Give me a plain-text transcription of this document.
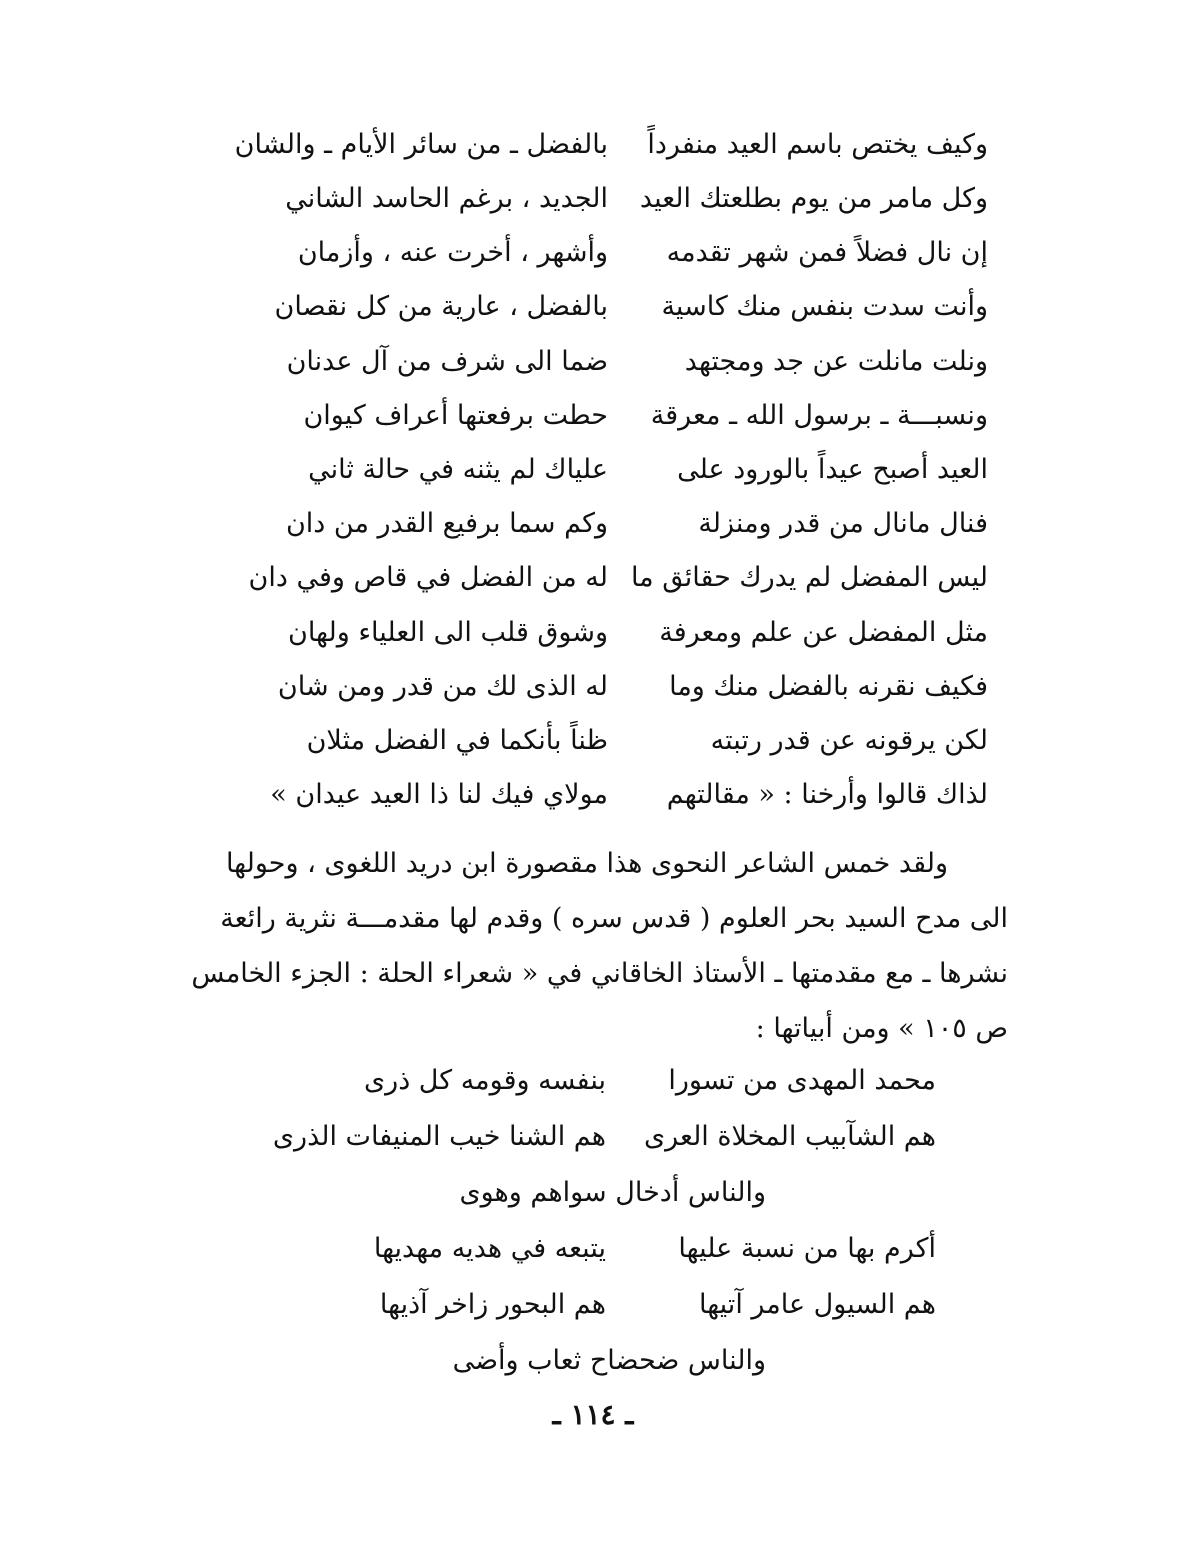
وكيف يختص باسم العيد منفرداً
بالفضل ـ من سائر الأيام ـ والشان
وكل مامر من يوم بطلعتك العيد
الجديد ، برغم الحاسد الشاني
إن نال فضلاً فمن شهر تقدمه
وأشهر ، أخرت عنه ، وأزمان
وأنت سدت بنفس منك كاسية
بالفضل ، عارية من كل نقصان
ونلت مانلت عن جد ومجتهد
ضما الى شرف من آل عدنان
ونسبـــة ـ برسول الله ـ معرقة
حطت برفعتها أعراف كيوان
العيد أصبح عيداً بالورود على
علياك لم يثنه في حالة ثاني
فنال مانال من قدر ومنزلة
وكم سما برفيع القدر من دان
ليس المفضل لم يدرك حقائق ما
له من الفضل في قاص وفي دان
مثل المفضل عن علم ومعرفة
وشوق قلب الى العلياء ولهان
فكيف نقرنه بالفضل منك وما
له الذى لك من قدر ومن شان
لكن يرقونه عن قدر رتبته
ظناً بأنكما في الفضل مثلان
لذاك قالوا وأرخنا : « مقالتهم
مولاي فيك لنا ذا العيد عيدان »
ولقد خمس الشاعر النحوى هذا مقصورة ابن دريد اللغوى ، وحولها
الى مدح السيد بحر العلوم ( قدس سره ) وقدم لها مقدمـــة نثرية رائعة
نشرها ـ مع مقدمتها ـ الأستاذ الخاقاني في « شعراء الحلة : الجزء الخامس
ص ١٠٥ » ومن أبياتها :
محمد المهدى من تسورا
بنفسه وقومه كل ذرى
هم الشآبيب المخلاة العرى
هم الشنا خيب المنيفات الذرى
والناس أدخال سواهم وهوى
أكرم بها من نسبة عليها
يتبعه في هديه مهديها
هم السيول عامر آتيها
هم البحور زاخر آذيها
والناس ضحضاح ثعاب وأضى
ـ ١١٤ ـ
